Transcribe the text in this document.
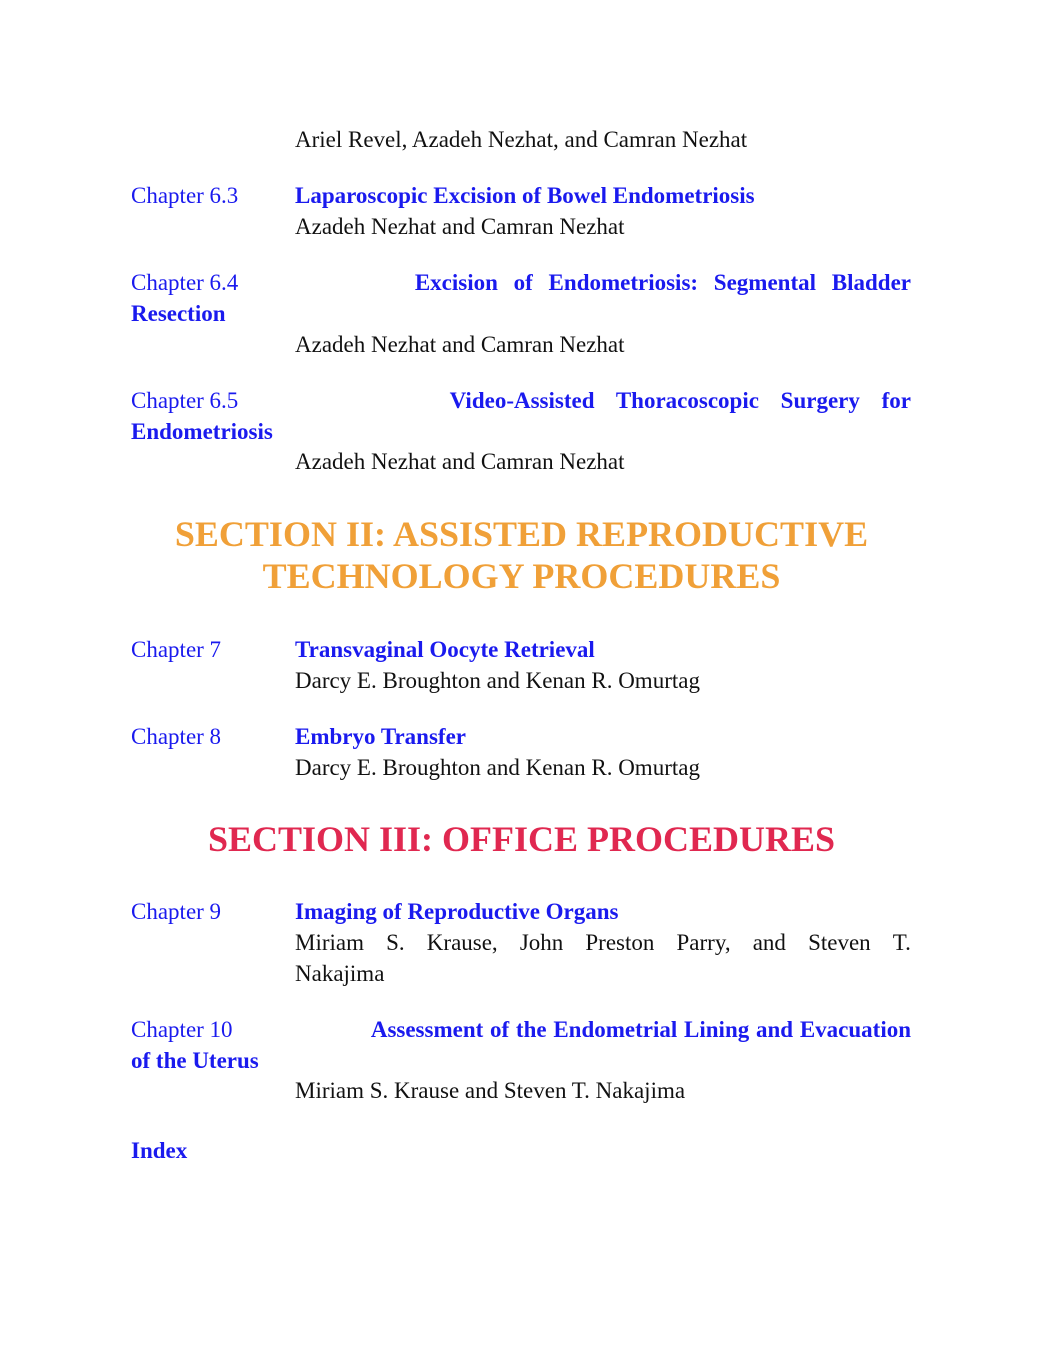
Ariel Revel, Azadeh Nezhat, and Camran Nezhat
Chapter 6.3 Laparoscopic Excision of Bowel Endometriosis
Azadeh Nezhat and Camran Nezhat
Chapter 6.4	Excision of Endometriosis: Segmental Bladder
Resection
Azadeh Nezhat and Camran Nezhat
Chapter 6.5	Video-Assisted Thoracoscopic Surgery for
Endometriosis
Azadeh Nezhat and Camran Nezhat
SECTION II: ASSISTED REPRODUCTIVE
TECHNOLOGY PROCEDURES
Chapter 7	Transvaginal Oocyte Retrieval
Darcy E. Broughton and Kenan R. Omurtag
Chapter 8	Embryo Transfer
Darcy E. Broughton and Kenan R. Omurtag
SECTION III: OFFICE PROCEDURES
Chapter 9	Imaging of Reproductive Organs
Miriam S. Krause, John Preston Parry, and Steven T.
Nakajima
Chapter 10	Assessment of the Endometrial Lining and Evacuation
of the Uterus
Miriam S. Krause and Steven T. Nakajima
Index
